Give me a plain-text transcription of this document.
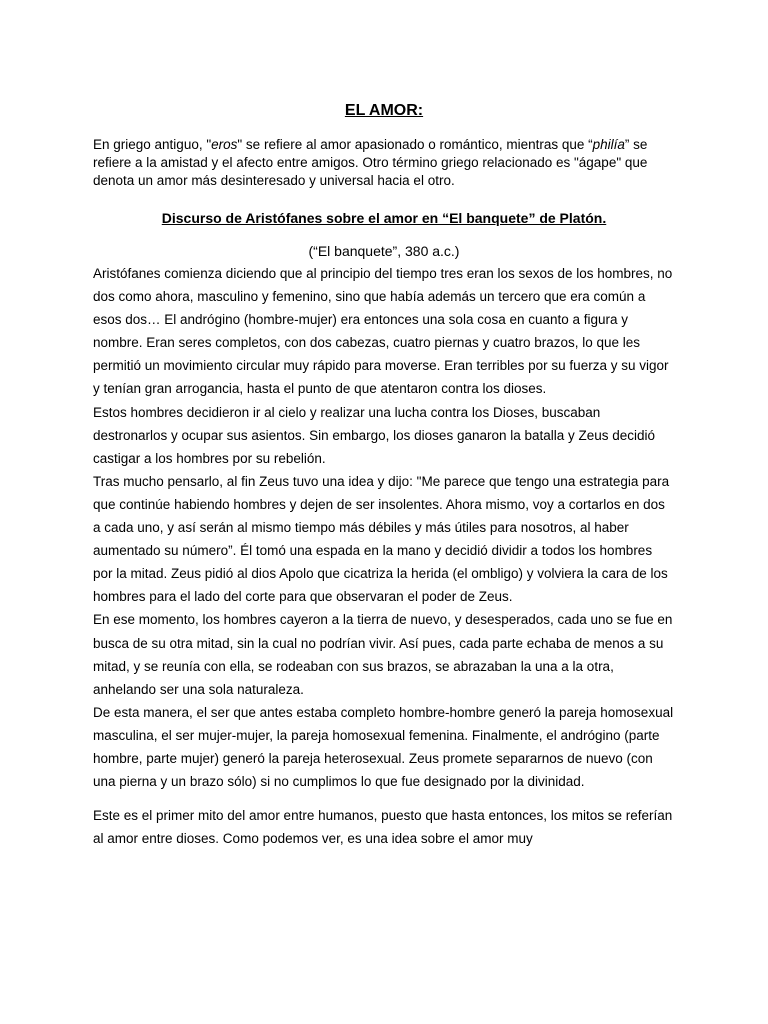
EL AMOR:

En griego antiguo, "eros" se refiere al amor apasionado o romántico, mientras que “philía” se refiere a la amistad y el afecto entre amigos. Otro término griego relacionado es "ágape" que denota un amor más desinteresado y universal hacia el otro.

Discurso de Aristófanes sobre el amor en “El banquete” de Platón.
(“El banquete”, 380 a.c.)

Aristófanes comienza diciendo que al principio del tiempo tres eran los sexos de los hombres, no dos como ahora, masculino y femenino, sino que había además un tercero que era común a esos dos… El andrógino (hombre-mujer) era entonces una sola cosa en cuanto a figura y nombre. Eran seres completos, con dos cabezas, cuatro piernas y cuatro brazos, lo que les permitió un movimiento circular muy rápido para moverse. Eran terribles por su fuerza y su vigor y tenían gran arrogancia, hasta el punto de que atentaron contra los dioses.

Estos hombres decidieron ir al cielo y realizar una lucha contra los Dioses, buscaban destronarlos y ocupar sus asientos. Sin embargo, los dioses ganaron la batalla y Zeus decidió castigar a los hombres por su rebelión.

Tras mucho pensarlo, al fin Zeus tuvo una idea y dijo: "Me parece que tengo una estrategia para que continúe habiendo hombres y dejen de ser insolentes. Ahora mismo, voy a cortarlos en dos a cada uno, y así serán al mismo tiempo más débiles y más útiles para nosotros, al haber aumentado su número”. Él tomó una espada en la mano y decidió dividir a todos los hombres por la mitad. Zeus pidió al dios Apolo que cicatriza la herida (el ombligo) y volviera la cara de los hombres para el lado del corte para que observaran el poder de Zeus.

En ese momento, los hombres cayeron a la tierra de nuevo, y desesperados, cada uno se fue en busca de su otra mitad, sin la cual no podrían vivir. Así pues, cada parte echaba de menos a su mitad, y se reunía con ella, se rodeaban con sus brazos, se abrazaban la una a la otra, anhelando ser una sola naturaleza.

De esta manera, el ser que antes estaba completo hombre-hombre generó la pareja homosexual masculina, el ser mujer-mujer, la pareja homosexual femenina. Finalmente, el andrógino (parte hombre, parte mujer) generó la pareja heterosexual. Zeus promete separarnos de nuevo (con una pierna y un brazo sólo) si no cumplimos lo que fue designado por la divinidad.

Este es el primer mito del amor entre humanos, puesto que hasta entonces, los mitos se referían al amor entre dioses. Como podemos ver, es una idea sobre el amor muy
